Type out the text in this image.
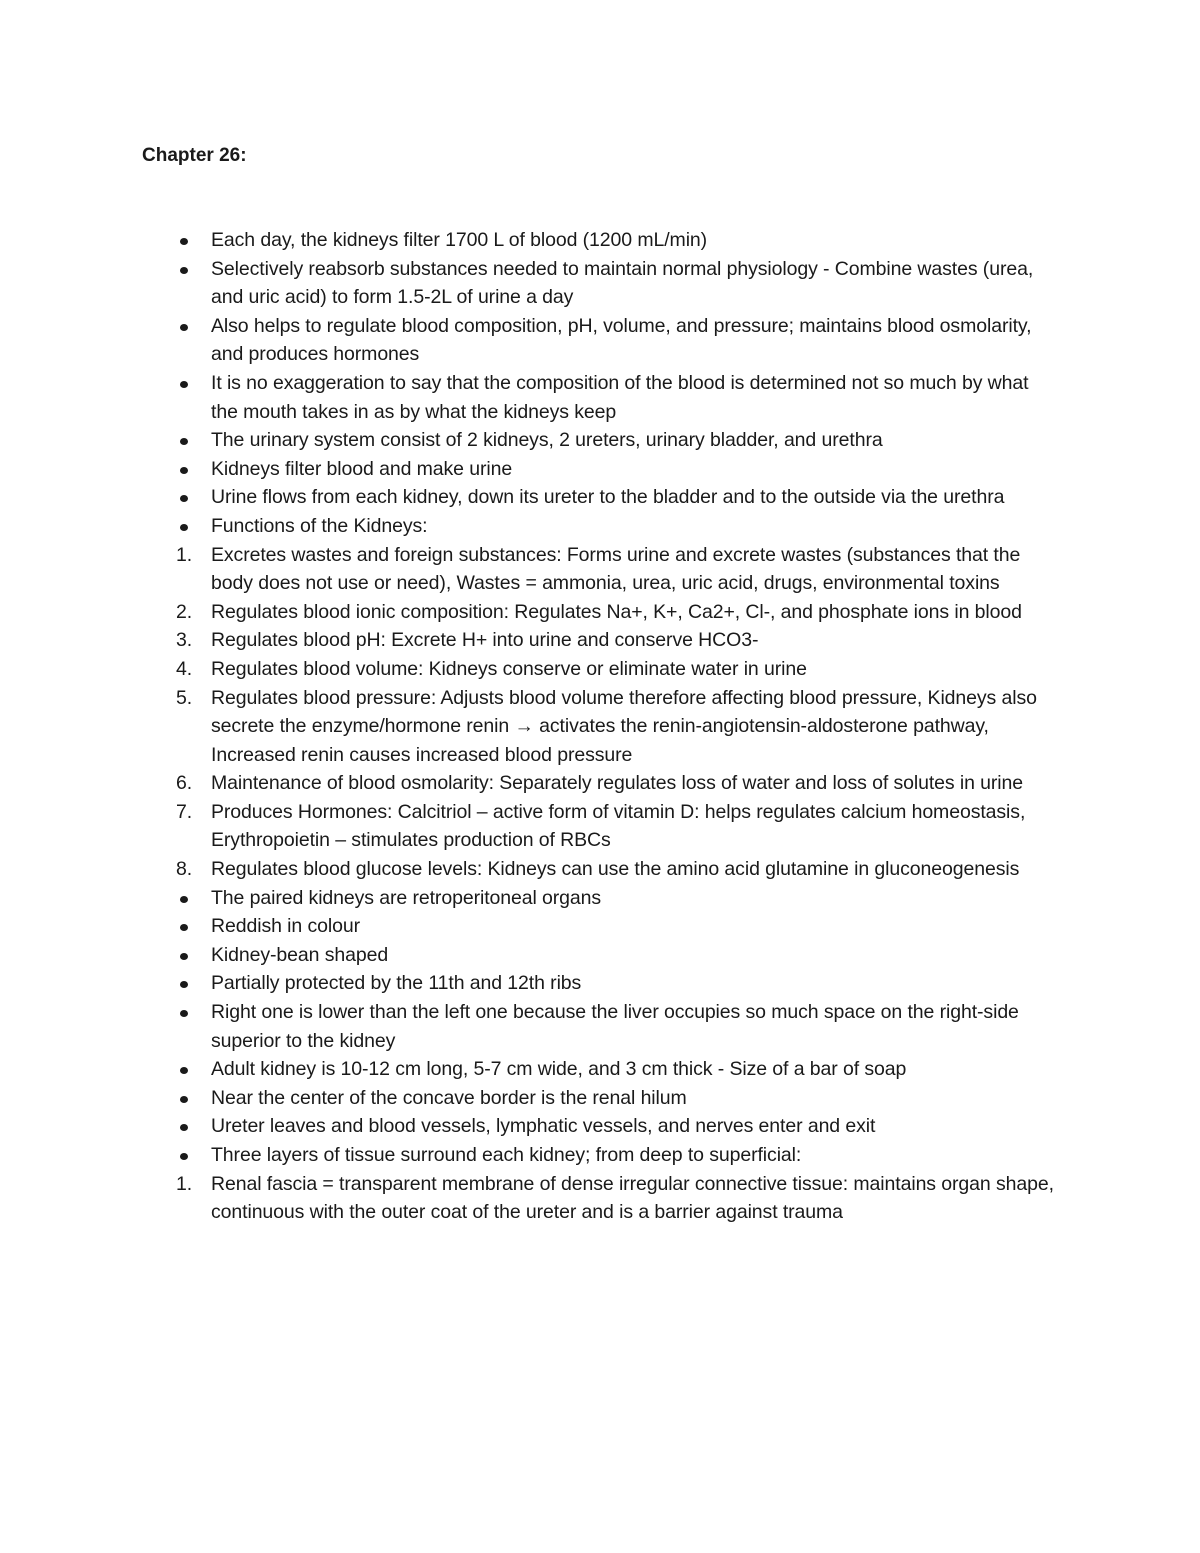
Chapter 26:
Each day, the kidneys filter 1700 L of blood (1200 mL/min)
Selectively reabsorb substances needed to maintain normal physiology - Combine wastes (urea, and uric acid) to form 1.5-2L of urine a day
Also helps to regulate blood composition, pH, volume, and pressure; maintains blood osmolarity, and produces hormones
It is no exaggeration to say that the composition of the blood is determined not so much by what the mouth takes in as by what the kidneys keep
The urinary system consist of 2 kidneys, 2 ureters, urinary bladder, and urethra
Kidneys filter blood and make urine
Urine flows from each kidney, down its ureter to the bladder and to the outside via the urethra
Functions of the Kidneys:
1. Excretes wastes and foreign substances: Forms urine and excrete wastes (substances that the body does not use or need), Wastes = ammonia, urea, uric acid, drugs, environmental toxins
2. Regulates blood ionic composition: Regulates Na+, K+, Ca2+, Cl-, and phosphate ions in blood
3. Regulates blood pH: Excrete H+ into urine and conserve HCO3-
4. Regulates blood volume: Kidneys conserve or eliminate water in urine
5. Regulates blood pressure: Adjusts blood volume therefore affecting blood pressure, Kidneys also secrete the enzyme/hormone renin → activates the renin-angiotensin-aldosterone pathway, Increased renin causes increased blood pressure
6. Maintenance of blood osmolarity: Separately regulates loss of water and loss of solutes in urine
7. Produces Hormones: Calcitriol – active form of vitamin D: helps regulates calcium homeostasis, Erythropoietin – stimulates production of RBCs
8. Regulates blood glucose levels: Kidneys can use the amino acid glutamine in gluconeogenesis
The paired kidneys are retroperitoneal organs
Reddish in colour
Kidney-bean shaped
Partially protected by the 11th and 12th ribs
Right one is lower than the left one because the liver occupies so much space on the right-side superior to the kidney
Adult kidney is 10-12 cm long, 5-7 cm wide, and 3 cm thick - Size of a bar of soap
Near the center of the concave border is the renal hilum
Ureter leaves and blood vessels, lymphatic vessels, and nerves enter and exit
Three layers of tissue surround each kidney; from deep to superficial:
1. Renal fascia = transparent membrane of dense irregular connective tissue: maintains organ shape, continuous with the outer coat of the ureter and is a barrier against trauma
